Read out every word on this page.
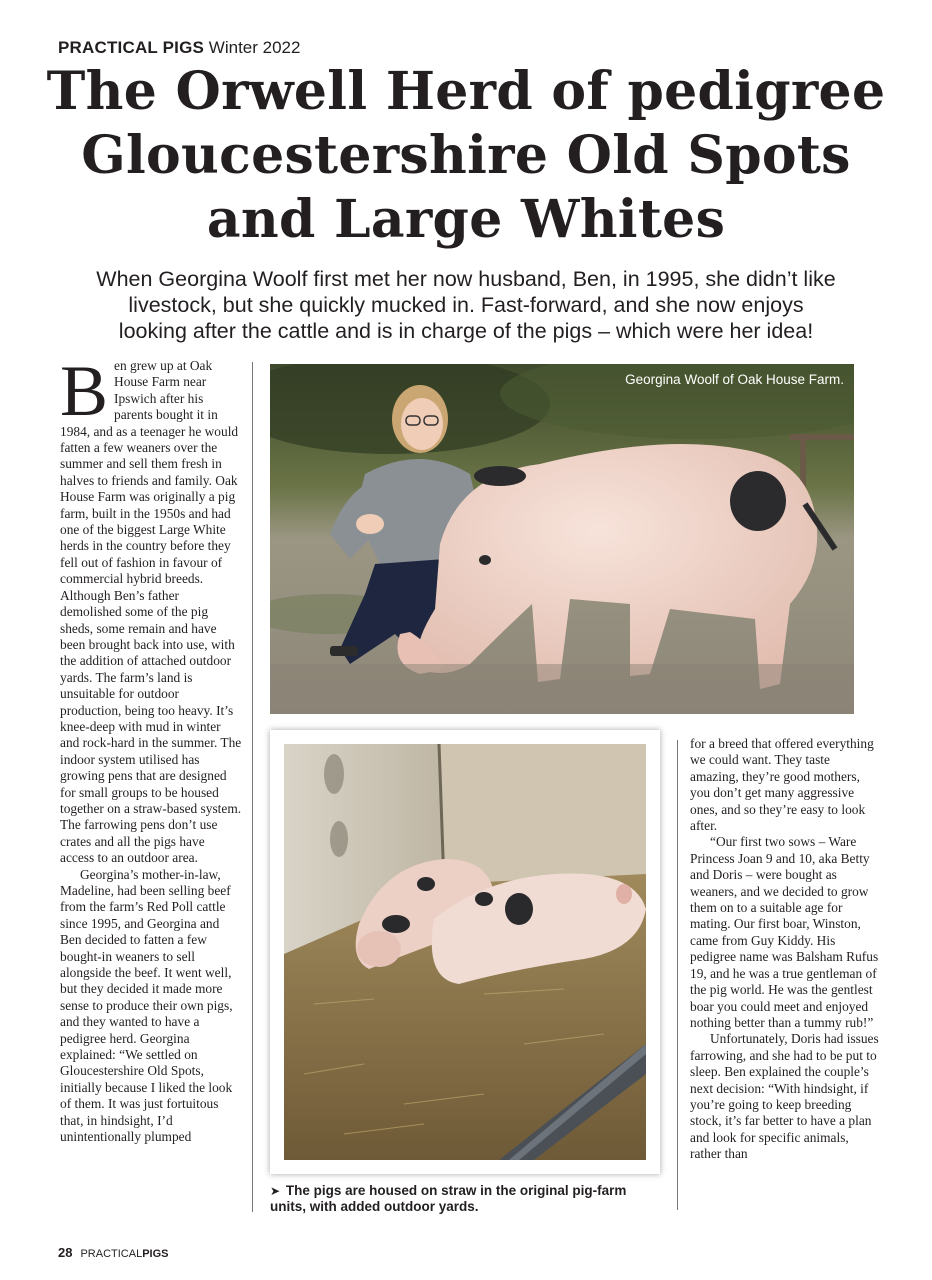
PRACTICAL PIGS Winter 2022
The Orwell Herd of pedigree
Gloucestershire Old Spots
and Large Whites
When Georgina Woolf first met her now husband, Ben, in 1995, she didn’t like
livestock, but she quickly mucked in. Fast-forward, and she now enjoys
looking after the cattle and is in charge of the pigs – which were her idea!

Ben grew up at Oak House Farm near Ipswich after his parents bought it in 1984, and as a teenager he would fatten a few weaners over the summer and sell them fresh in halves to friends and family. Oak House Farm was originally a pig farm, built in the 1950s and had one of the biggest Large White herds in the country before they fell out of fashion in favour of commercial hybrid breeds. Although Ben’s father demolished some of the pig sheds, some remain and have been brought back into use, with the addition of attached outdoor yards. The farm’s land is unsuitable for outdoor production, being too heavy. It’s knee-deep with mud in winter and rock-hard in the summer. The indoor system utilised has growing pens that are designed for small groups to be housed together on a straw-based system. The farrowing pens don’t use crates and all the pigs have access to an outdoor area.

Georgina’s mother-in-law, Madeline, had been selling beef from the farm’s Red Poll cattle since 1995, and Georgina and Ben decided to fatten a few bought-in weaners to sell alongside the beef. It went well, but they decided it made more sense to produce their own pigs, and they wanted to have a pedigree herd. Georgina explained: “We settled on Gloucestershire Old Spots, initially because I liked the look of them. It was just fortuitous that, in hindsight, I’d unintentionally plumped

Georgina Woolf of Oak House Farm.
➤ The pigs are housed on straw in the original pig-farm units, with added outdoor yards.

for a breed that offered everything we could want. They taste amazing, they’re good mothers, you don’t get many aggressive ones, and so they’re easy to look after.

“Our first two sows – Ware Princess Joan 9 and 10, aka Betty and Doris – were bought as weaners, and we decided to grow them on to a suitable age for mating. Our first boar, Winston, came from Guy Kiddy. His pedigree name was Balsham Rufus 19, and he was a true gentleman of the pig world. He was the gentlest boar you could meet and enjoyed nothing better than a tummy rub!”

Unfortunately, Doris had issues farrowing, and she had to be put to sleep. Ben explained the couple’s next decision: “With hindsight, if you’re going to keep breeding stock, it’s far better to have a plan and look for specific animals, rather than

28 PRACTICALPIGS
